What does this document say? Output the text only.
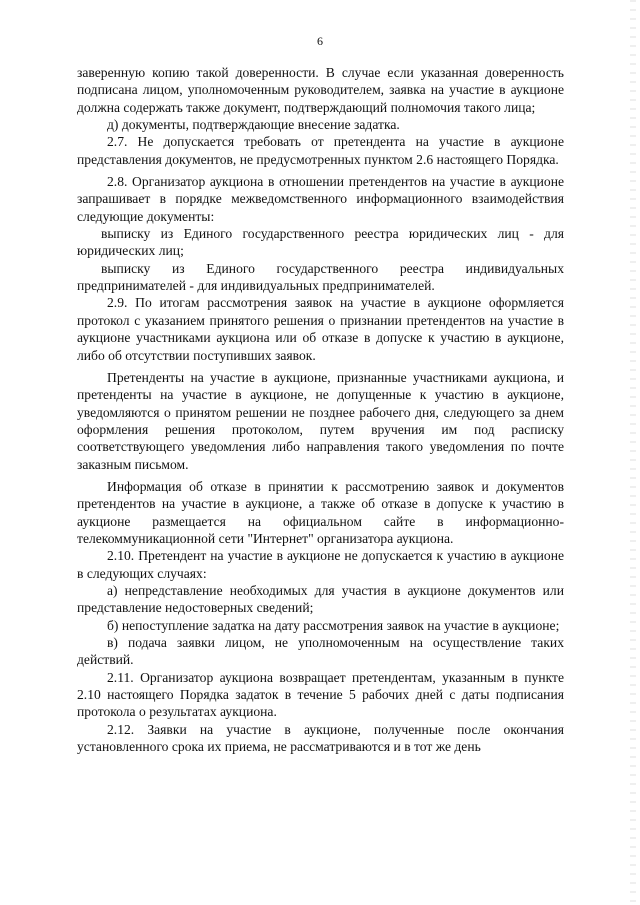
6

заверенную копию такой доверенности. В случае если указанная доверенность подписана лицом, уполномоченным руководителем, заявка на участие в аукционе должна содержать также документ, подтверждающий полномочия такого лица;

д) документы, подтверждающие внесение задатка.

2.7. Не допускается требовать от претендента на участие в аукционе представления документов, не предусмотренных пунктом 2.6 настоящего Порядка.

2.8. Организатор аукциона в отношении претендентов на участие в аукционе запрашивает в порядке межведомственного информационного взаимодействия следующие документы:

выписку из Единого государственного реестра юридических лиц - для юридических лиц;

выписку из Единого государственного реестра индивидуальных предпринимателей - для индивидуальных предпринимателей.

2.9. По итогам рассмотрения заявок на участие в аукционе оформляется протокол с указанием принятого решения о признании претендентов на участие в аукционе участниками аукциона или об отказе в допуске к участию в аукционе, либо об отсутствии поступивших заявок.

Претенденты на участие в аукционе, признанные участниками аукциона, и претенденты на участие в аукционе, не допущенные к участию в аукционе, уведомляются о принятом решении не позднее рабочего дня, следующего за днем оформления решения протоколом, путем вручения им под расписку соответствующего уведомления либо направления такого уведомления по почте заказным письмом.

Информация об отказе в принятии к рассмотрению заявок и документов претендентов на участие в аукционе, а также об отказе в допуске к участию в аукционе размещается на официальном сайте в информационно-телекоммуникационной сети "Интернет" организатора аукциона.

2.10. Претендент на участие в аукционе не допускается к участию в аукционе в следующих случаях:

а) непредставление необходимых для участия в аукционе документов или представление недостоверных сведений;

б) непоступление задатка на дату рассмотрения заявок на участие в аукционе;

в) подача заявки лицом, не уполномоченным на осуществление таких действий.

2.11. Организатор аукциона возвращает претендентам, указанным в пункте 2.10 настоящего Порядка задаток в течение 5 рабочих дней с даты подписания протокола о результатах аукциона.

2.12. Заявки на участие в аукционе, полученные после окончания установленного срока их приема, не рассматриваются и в тот же день
